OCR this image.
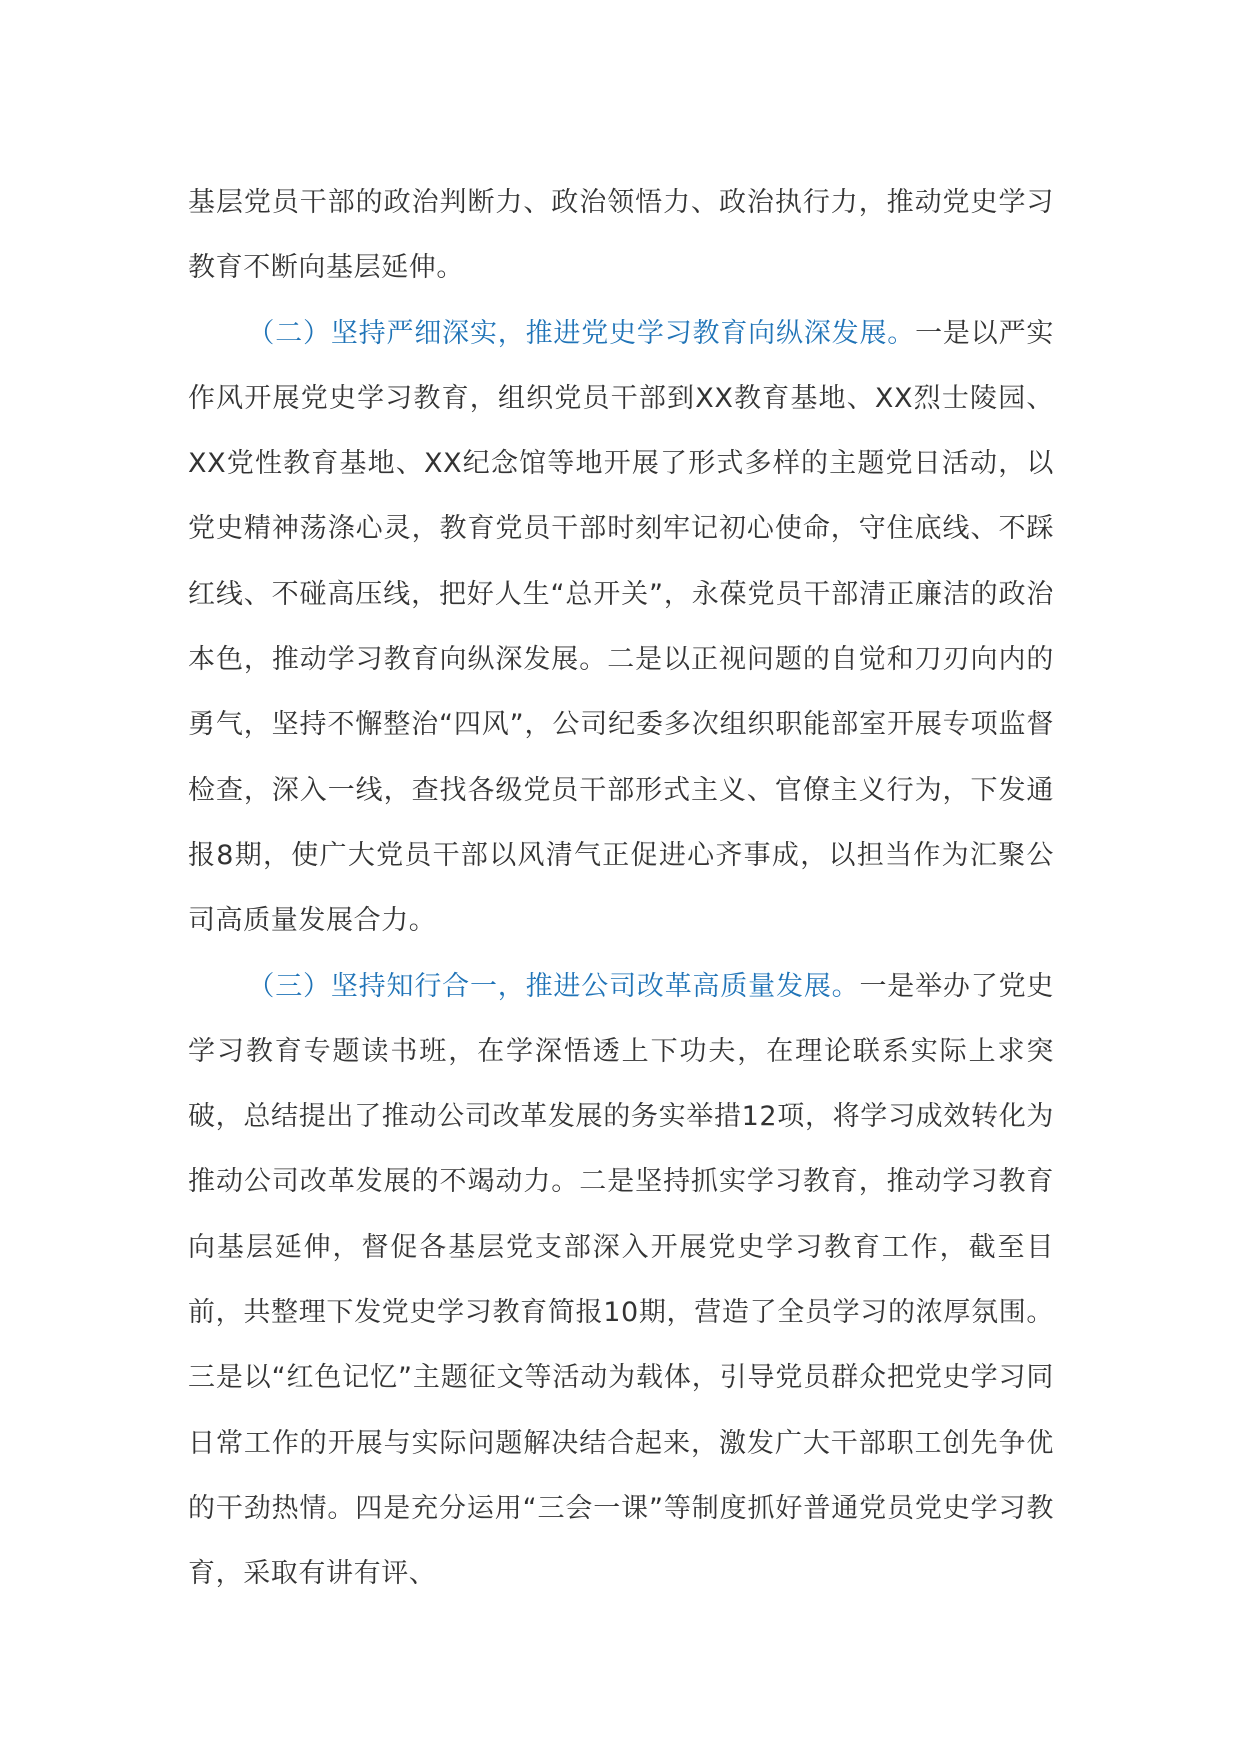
基层党员干部的政治判断力、政治领悟力、政治执行力，推动党史学习教育不断向基层延伸。

（二）坚持严细深实，推进党史学习教育向纵深发展。一是以严实作风开展党史学习教育，组织党员干部到XX教育基地、XX烈士陵园、XX党性教育基地、XX纪念馆等地开展了形式多样的主题党日活动，以党史精神荡涤心灵，教育党员干部时刻牢记初心使命，守住底线、不踩红线、不碰高压线，把好人生“总开关”，永葆党员干部清正廉洁的政治本色，推动学习教育向纵深发展。二是以正视问题的自觉和刀刃向内的勇气，坚持不懈整治“四风”，公司纪委多次组织职能部室开展专项监督检查，深入一线，查找各级党员干部形式主义、官僚主义行为，下发通报8期，使广大党员干部以风清气正促进心齐事成，以担当作为汇聚公司高质量发展合力。

（三）坚持知行合一，推进公司改革高质量发展。一是举办了党史学习教育专题读书班，在学深悟透上下功夫，在理论联系实际上求突破，总结提出了推动公司改革发展的务实举措12项，将学习成效转化为推动公司改革发展的不竭动力。二是坚持抓实学习教育，推动学习教育向基层延伸，督促各基层党支部深入开展党史学习教育工作，截至目前，共整理下发党史学习教育简报10期，营造了全员学习的浓厚氛围。三是以“红色记忆”主题征文等活动为载体，引导党员群众把党史学习同日常工作的开展与实际问题解决结合起来，激发广大干部职工创先争优的干劲热情。四是充分运用“三会一课”等制度抓好普通党员党史学习教育，采取有讲有评、
